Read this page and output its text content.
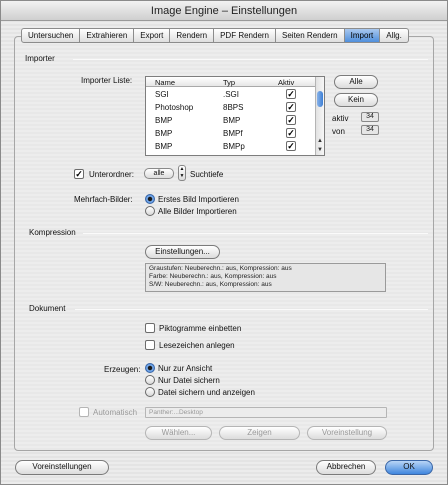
Image Engine – Einstellungen
Untersuchen	Extrahieren	Export	Rendern	PDF Rendern	Seiten Rendern	Import	Allg.
Importer
Importer Liste:	Name	Typ	Aktiv
SGI	.SGI	✓
Photoshop	8BPS	✓
BMP	BMP	✓
BMP	BMPf	✓
BMP	BMPp	✓	▲
▼
Alle
Kein
aktiv	34
von	34
✓ Unterordner:	alle
▲
▼ Suchtiefe
Mehrfach-Bilder:	Erstes Bild Importieren
Alle Bilder Importieren
Kompression
Einstellungen...
Graustufen: Neuberechn.: aus, Kompression: aus
Farbe: Neuberechn.: aus, Kompression: aus
S/W: Neuberechn.: aus, Kompression: aus
Dokument
Piktogramme einbetten
Lesezeichen anlegen
Erzeugen: Nur zur Ansicht
Nur Datei sichern
Datei sichern und anzeigen
Automatisch	Panther:...Desktop
Wählen...	Zeigen	Voreinstellung
Voreinstellungen	Abbrechen	OK
